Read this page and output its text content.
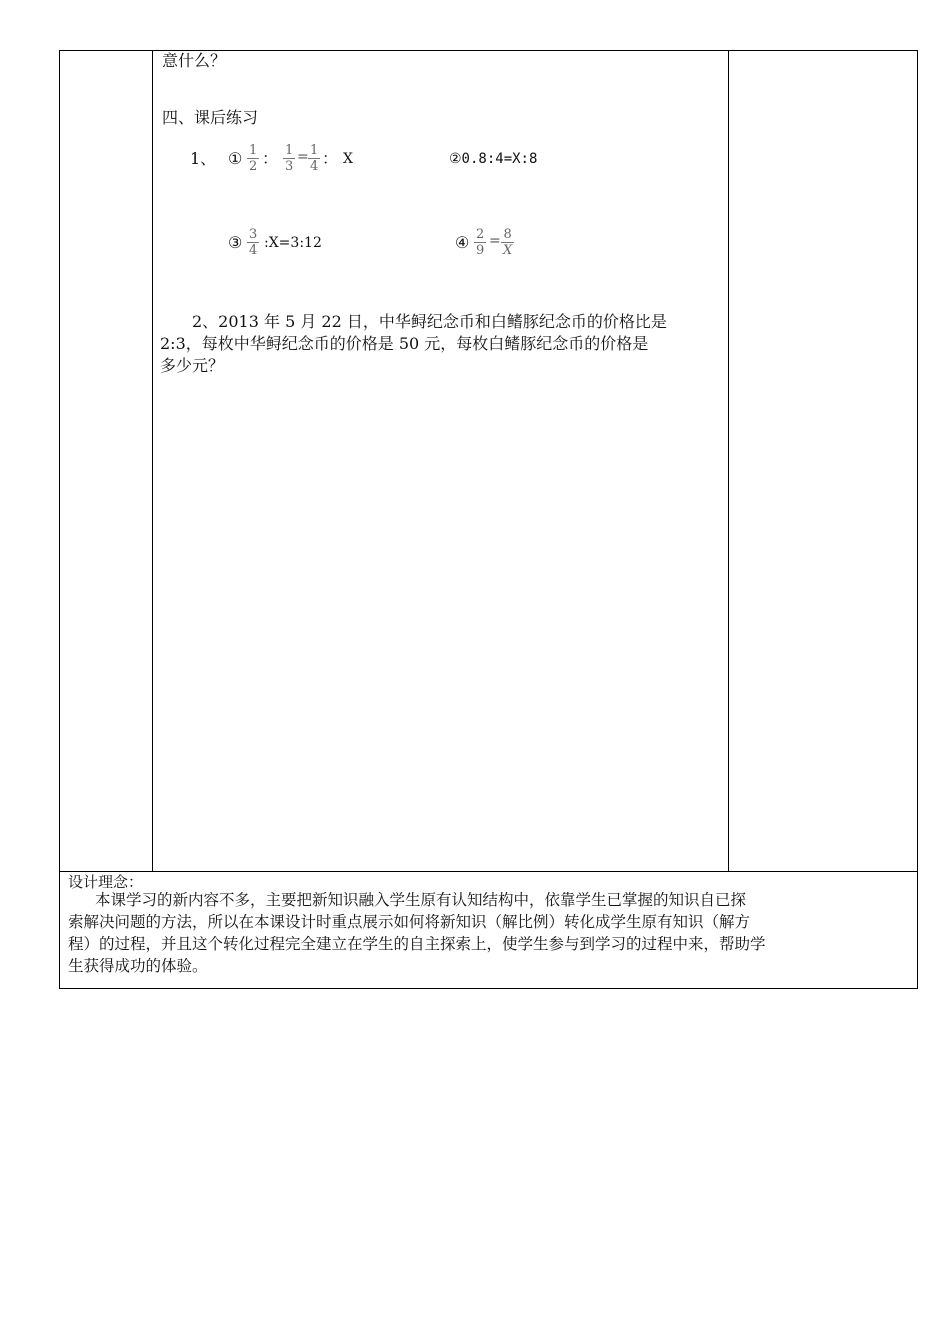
意什么？
四、课后练习
1、 ① $\frac{1}{2}$ ： $\frac{1}{3} = \frac{1}{4}$ ： X	②0.8:4=X:8
③ $\frac{3}{4}$ :X=3:12	④ $\frac{2}{9} = \frac{8}{X}$
2、2013 年 5 月 22 日，中华鲟纪念币和白鳍豚纪念币的价格比是
2:3，每枚中华鲟纪念币的价格是 50 元，每枚白鳍豚纪念币的价格是
多少元？
设计理念：
本课学习的新内容不多，主要把新知识融入学生原有认知结构中，依靠学生已掌握的知识自已探
索解决问题的方法，所以在本课设计时重点展示如何将新知识（解比例）转化成学生原有知识（解方
程）的过程，并且这个转化过程完全建立在学生的自主探索上，使学生参与到学习的过程中来，帮助学
生获得成功的体验。
